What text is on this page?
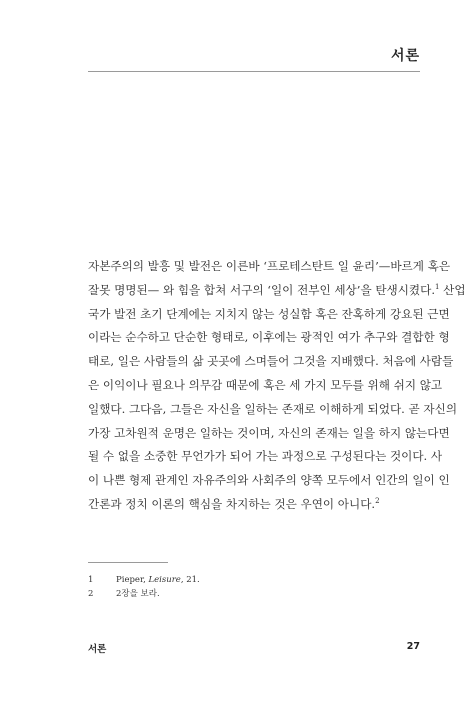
서론
자본주의의 발흥 및 발전은 이른바 ‘프로테스탄트 일 윤리’—바르게 혹은
잘못 명명된— 와 힘을 합쳐 서구의 ‘일이 전부인 세상’을 탄생시켰다.$^1$ 산업
국가 발전 초기 단계에는 지치지 않는 성실함 혹은 잔혹하게 강요된 근면
이라는 순수하고 단순한 형태로, 이후에는 광적인 여가 추구와 결합한 형
태로, 일은 사람들의 삶 곳곳에 스며들어 그것을 지배했다. 처음에 사람들
은 이익이나 필요나 의무감 때문에 혹은 세 가지 모두를 위해 쉬지 않고
일했다. 그다음, 그들은 자신을 일하는 존재로 이해하게 되었다. 곧 자신의
가장 고차원적 운명은 일하는 것이며, 자신의 존재는 일을 하지 않는다면
될 수 없을 소중한 무언가가 되어 가는 과정으로 구성된다는 것이다. 사
이 나쁜 형제 관계인 자유주의와 사회주의 양쪽 모두에서 인간의 일이 인
간론과 정치 이론의 핵심을 차지하는 것은 우연이 아니다.$^2$
1	Pieper, Leisure, 21.
2	2장을 보라.
서론	27
